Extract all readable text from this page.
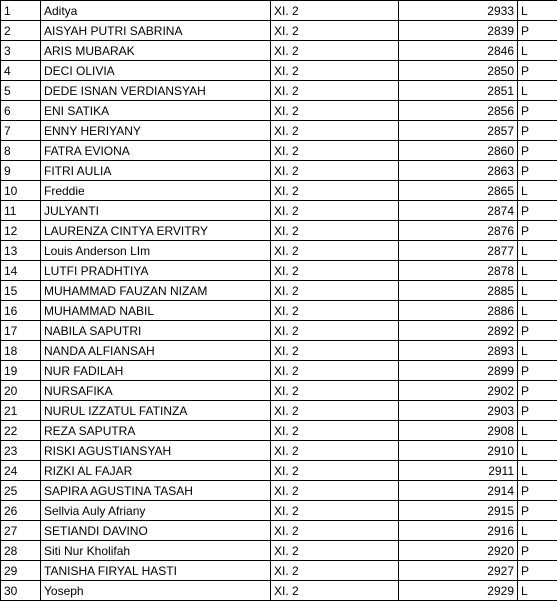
1	Aditya	XI. 2	2933	L
2	AISYAH PUTRI SABRINA	XI. 2	2839	P
3	ARIS MUBARAK	XI. 2	2846	L
4	DECI OLIVIA	XI. 2	2850	P
5	DEDE ISNAN VERDIANSYAH	XI. 2	2851	L
6	ENI SATIKA	XI. 2	2856	P
7	ENNY HERIYANY	XI. 2	2857	P
8	FATRA EVIONA	XI. 2	2860	P
9	FITRI AULIA	XI. 2	2863	P
10	Freddie	XI. 2	2865	L
11	JULYANTI	XI. 2	2874	P
12	LAURENZA CINTYA ERVITRY	XI. 2	2876	P
13	Louis Anderson LIm	XI. 2	2877	L
14	LUTFI PRADHTIYA	XI. 2	2878	L
15	MUHAMMAD FAUZAN NIZAM	XI. 2	2885	L
16	MUHAMMAD NABIL	XI. 2	2886	L
17	NABILA SAPUTRI	XI. 2	2892	P
18	NANDA ALFIANSAH	XI. 2	2893	L
19	NUR FADILAH	XI. 2	2899	P
20	NURSAFIKA	XI. 2	2902	P
21	NURUL IZZATUL FATINZA	XI. 2	2903	P
22	REZA SAPUTRA	XI. 2	2908	L
23	RISKI AGUSTIANSYAH	XI. 2	2910	L
24	RIZKI AL FAJAR	XI. 2	2911	L
25	SAPIRA AGUSTINA TASAH	XI. 2	2914	P
26	Sellvia Auly Afriany	XI. 2	2915	P
27	SETIANDI DAVINO	XI. 2	2916	L
28	Siti Nur Kholifah	XI. 2	2920	P
29	TANISHA FIRYAL HASTI	XI. 2	2927	P
30	Yoseph	XI. 2	2929	L
